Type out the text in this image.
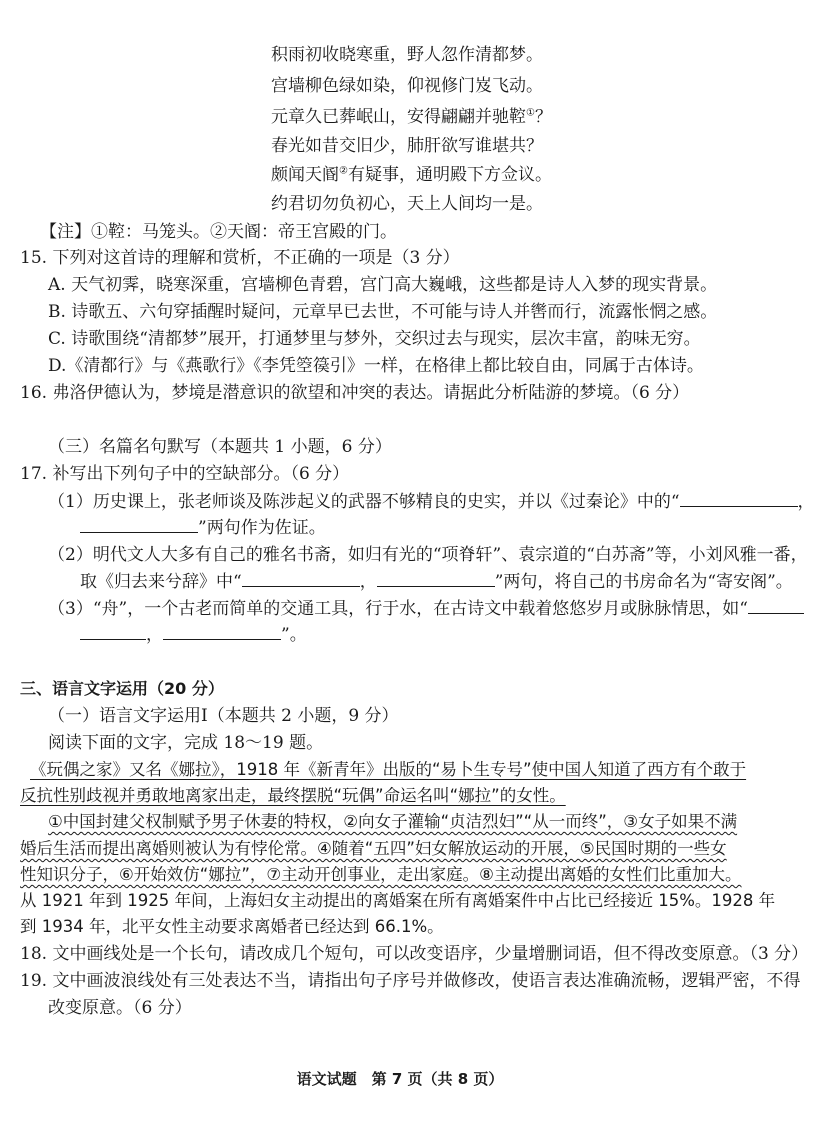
积雨初收晓寒重，野人忽作清都梦。
宫墙柳色绿如染，仰视修门岌飞动。
元章久已葬岷山，安得翩翩并驰鞚①？
春光如昔交旧少，肺肝欲写谁堪共？
颇闻天阍②有疑事，通明殿下方佥议。
约君切勿负初心，天上人间均一是。
【注】①鞚：马笼头。②天阍：帝王宫殿的门。
15. 下列对这首诗的理解和赏析，不正确的一项是（3 分）
A. 天气初霁，晓寒深重，宫墙柳色青碧，宫门高大巍峨，这些都是诗人入梦的现实背景。
B. 诗歌五、六句穿插醒时疑问，元章早已去世，不可能与诗人并辔而行，流露怅惘之感。
C. 诗歌围绕“清都梦”展开，打通梦里与梦外，交织过去与现实，层次丰富，韵味无穷。
D.《清都行》与《燕歌行》《李凭箜篌引》一样，在格律上都比较自由，同属于古体诗。
16. 弗洛伊德认为，梦境是潜意识的欲望和冲突的表达。请据此分析陆游的梦境。（6 分）
（三）名篇名句默写（本题共 1 小题，6 分）
17. 补写出下列句子中的空缺部分。（6 分）
（1）历史课上，张老师谈及陈涉起义的武器不够精良的史实，并以《过秦论》中的“	，
”两句作为佐证。
（2）明代文人大多有自己的雅名书斋，如归有光的“项脊轩”、袁宗道的“白苏斋”等，小刘风雅一番，
取《归去来兮辞》中“	，	”两句，将自己的书房命名为“寄安阁”。
（3）“舟”，一个古老而简单的交通工具，行于水，在古诗文中载着悠悠岁月或脉脉情思，如“
，	”。
三、语言文字运用（20 分）
（一）语言文字运用Ⅰ（本题共 2 小题，9 分）
阅读下面的文字，完成 18～19 题。
《玩偶之家》又名《娜拉》，1918 年《新青年》出版的“易卜生专号”使中国人知道了西方有个敢于
反抗性别歧视并勇敢地离家出走，最终摆脱“玩偶”命运名叫“娜拉”的女性。
①中国封建父权制赋予男子休妻的特权，②向女子灌输“贞洁烈妇”“从一而终”，③女子如果不满
婚后生活而提出离婚则被认为有悖伦常。④随着“五四”妇女解放运动的开展，⑤民国时期的一些女
性知识分子，⑥开始效仿“娜拉”，⑦主动开创事业，走出家庭。⑧主动提出离婚的女性们比重加大。
从 1921 年到 1925 年间，上海妇女主动提出的离婚案在所有离婚案件中占比已经接近 15%。1928 年
到 1934 年，北平女性主动要求离婚者已经达到 66.1%。
18. 文中画线处是一个长句，请改成几个短句，可以改变语序，少量增删词语，但不得改变原意。（3 分）
19. 文中画波浪线处有三处表达不当，请指出句子序号并做修改，使语言表达准确流畅，逻辑严密，不得
改变原意。（6 分）
语文试题　第 7 页（共 8 页）
